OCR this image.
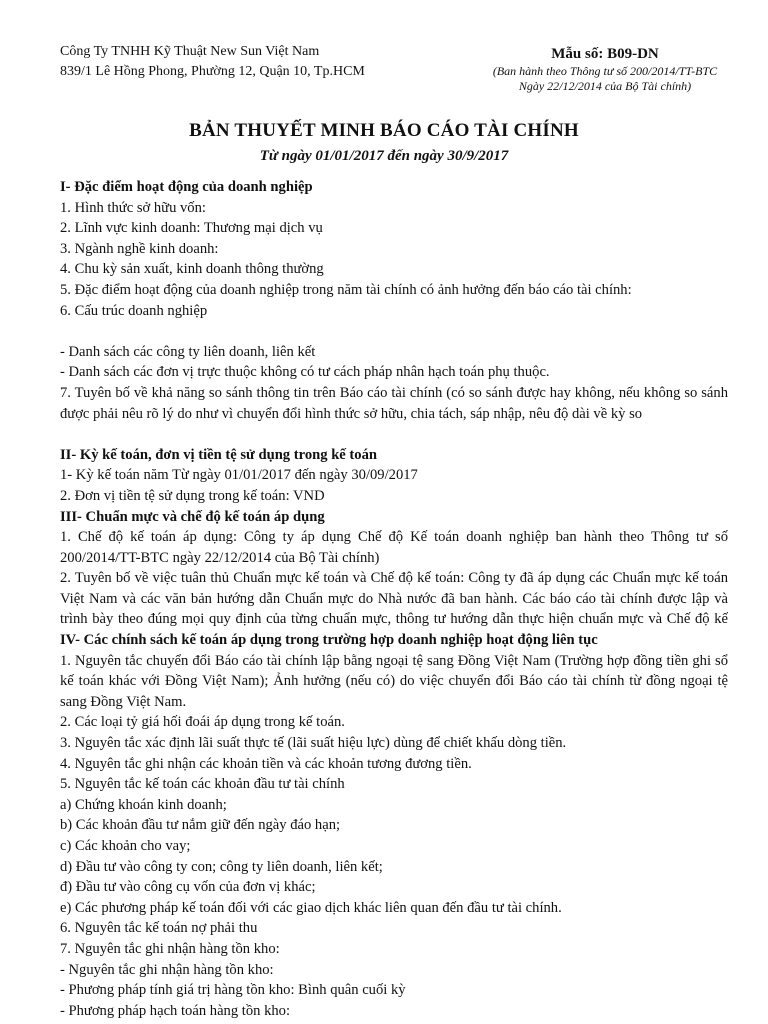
Công Ty TNHH Kỹ Thuật New Sun Việt Nam
839/1 Lê Hồng Phong, Phường 12, Quận 10, Tp.HCM
Mẫu số: B09-DN
(Ban hành theo Thông tư số 200/2014/TT-BTC
Ngày 22/12/2014 của Bộ Tài chính)
BẢN THUYẾT MINH BÁO CÁO TÀI CHÍNH
Từ ngày 01/01/2017 đến ngày 30/9/2017
I- Đặc điểm hoạt động của doanh nghiệp
1. Hình thức sở hữu vốn:
2. Lĩnh vực kinh doanh: Thương mại dịch vụ
3. Ngành nghề kinh doanh:
4. Chu kỳ sản xuất, kinh doanh thông thường
5. Đặc điểm hoạt động của doanh nghiệp trong năm tài chính có ảnh hưởng đến báo cáo tài chính:
6. Cấu trúc doanh nghiệp
- Danh sách các công ty liên doanh, liên kết
- Danh sách các đơn vị trực thuộc không có tư cách pháp nhân hạch toán phụ thuộc.
7. Tuyên bố về khả năng so sánh thông tin trên Báo cáo tài chính (có so sánh được hay không, nếu không so sánh được phải nêu rõ lý do như vì chuyển đổi hình thức sở hữu, chia tách, sáp nhập, nêu độ dài về kỳ so
II- Kỳ kế toán, đơn vị tiền tệ sử dụng trong kế toán
1- Kỳ kế toán năm Từ ngày 01/01/2017 đến ngày 30/09/2017
2. Đơn vị tiền tệ sử dụng trong kế toán: VND
III- Chuẩn mực và chế độ kế toán áp dụng
1. Chế độ kế toán áp dụng: Công ty áp dụng Chế độ Kế toán doanh nghiệp ban hành theo Thông tư số 200/2014/TT-BTC ngày 22/12/2014 của Bộ Tài chính)
2. Tuyên bố về việc tuân thủ Chuẩn mực kế toán và Chế độ kế toán: Công ty đã áp dụng các Chuẩn mực kế toán Việt Nam và các văn bản hướng dẫn Chuẩn mực do Nhà nước đã ban hành. Các báo cáo tài chính được lập và trình bày theo đúng mọi quy định của từng chuẩn mực, thông tư hướng dẫn thực hiện chuẩn mực và Chế độ kế
IV- Các chính sách kế toán áp dụng trong trường hợp doanh nghiệp hoạt động liên tục
1. Nguyên tắc chuyển đổi Báo cáo tài chính lập bằng ngoại tệ sang Đồng Việt Nam (Trường hợp đồng tiền ghi sổ kế toán khác với Đồng Việt Nam); Ảnh hưởng (nếu có) do việc chuyển đổi Báo cáo tài chính từ đồng ngoại tệ sang Đồng Việt Nam.
2. Các loại tỷ giá hối đoái áp dụng trong kế toán.
3. Nguyên tắc xác định lãi suất thực tế (lãi suất hiệu lực) dùng để chiết khấu dòng tiền.
4. Nguyên tắc ghi nhận các khoản tiền và các khoản tương đương tiền.
5. Nguyên tắc kế toán các khoản đầu tư tài chính
a) Chứng khoán kinh doanh;
b) Các khoản đầu tư nắm giữ đến ngày đáo hạn;
c) Các khoản cho vay;
d) Đầu tư vào công ty con; công ty liên doanh, liên kết;
đ) Đầu tư vào công cụ vốn của đơn vị khác;
e) Các phương pháp kế toán đối với các giao dịch khác liên quan đến đầu tư tài chính.
6. Nguyên tắc kế toán nợ phải thu
7. Nguyên tắc ghi nhận hàng tồn kho:
- Nguyên tắc ghi nhận hàng tồn kho:
- Phương pháp tính giá trị hàng tồn kho: Bình quân cuối kỳ
- Phương pháp hạch toán hàng tồn kho:
